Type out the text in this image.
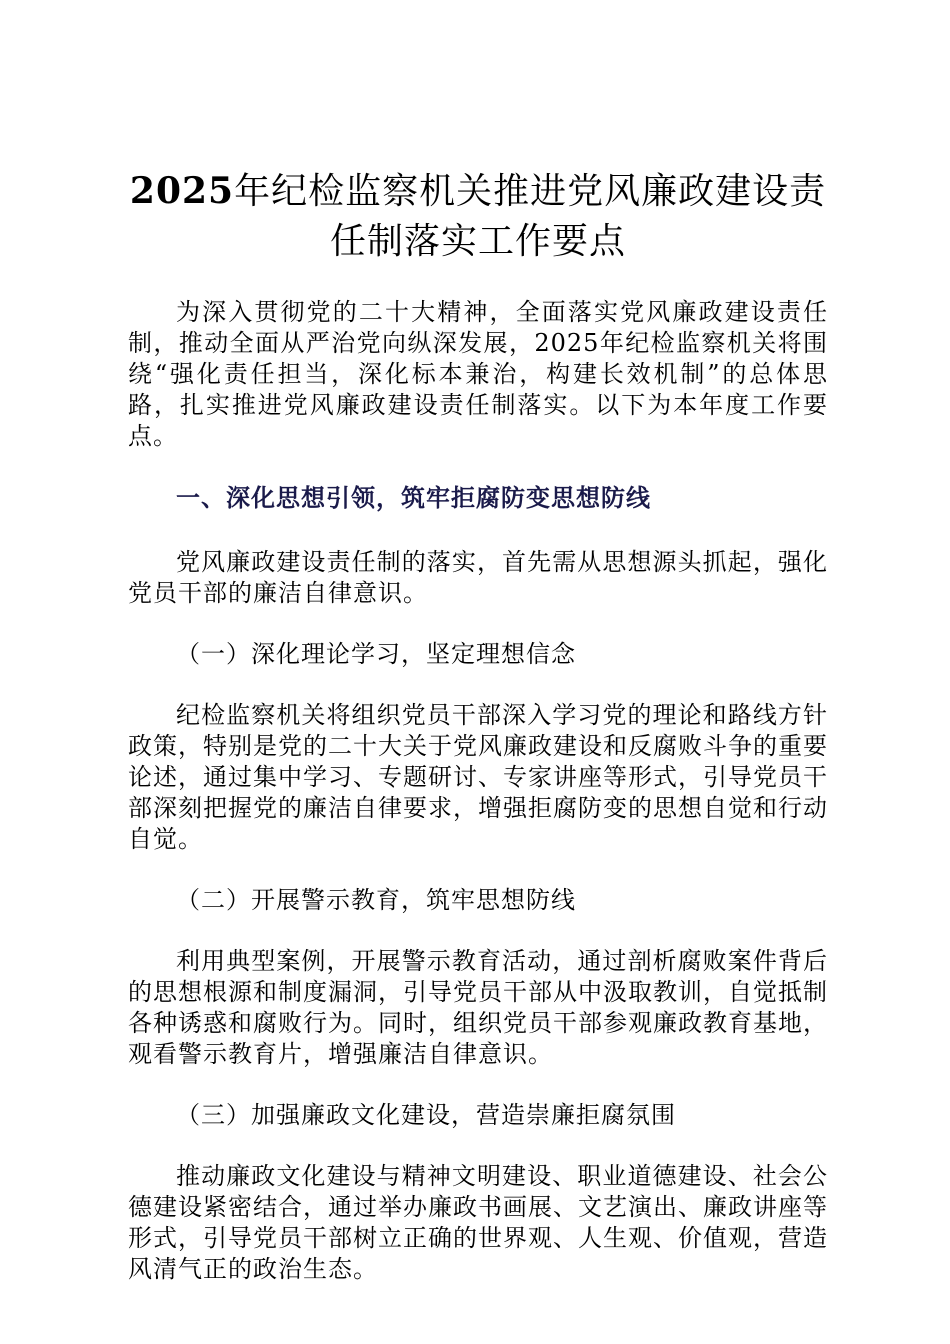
2025年纪检监察机关推进党风廉政建设责任制落实工作要点

为深入贯彻党的二十大精神，全面落实党风廉政建设责任制，推动全面从严治党向纵深发展，2025年纪检监察机关将围绕“强化责任担当，深化标本兼治，构建长效机制”的总体思路，扎实推进党风廉政建设责任制落实。以下为本年度工作要点。

一、深化思想引领，筑牢拒腐防变思想防线

党风廉政建设责任制的落实，首先需从思想源头抓起，强化党员干部的廉洁自律意识。

（一）深化理论学习，坚定理想信念

纪检监察机关将组织党员干部深入学习党的理论和路线方针政策，特别是党的二十大关于党风廉政建设和反腐败斗争的重要论述，通过集中学习、专题研讨、专家讲座等形式，引导党员干部深刻把握党的廉洁自律要求，增强拒腐防变的思想自觉和行动自觉。

（二）开展警示教育，筑牢思想防线

利用典型案例，开展警示教育活动，通过剖析腐败案件背后的思想根源和制度漏洞，引导党员干部从中汲取教训，自觉抵制各种诱惑和腐败行为。同时，组织党员干部参观廉政教育基地，观看警示教育片，增强廉洁自律意识。

（三）加强廉政文化建设，营造崇廉拒腐氛围

推动廉政文化建设与精神文明建设、职业道德建设、社会公德建设紧密结合，通过举办廉政书画展、文艺演出、廉政讲座等形式，引导党员干部树立正确的世界观、人生观、价值观，营造风清气正的政治生态。
